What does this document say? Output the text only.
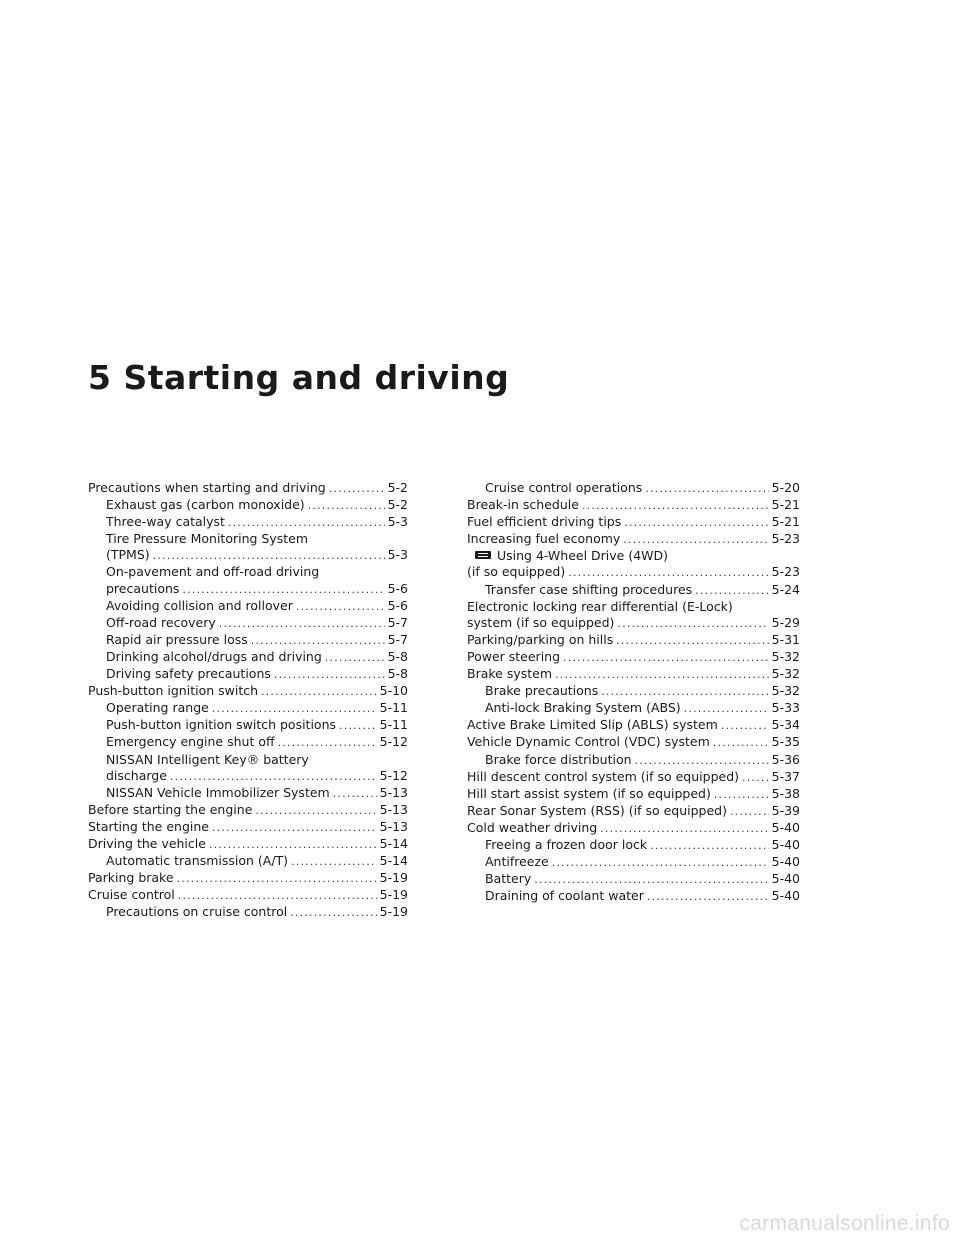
5 Starting and driving
Precautions when starting and driving .....	5-2
Exhaust gas (carbon monoxide) .....	5-2
Three-way catalyst .....	5-3
Tire Pressure Monitoring System
(TPMS) .....	5-3
On-pavement and off-road driving
precautions .....	5-6
Avoiding collision and rollover .....	5-6
Off-road recovery .....	5-7
Rapid air pressure loss .....	5-7
Drinking alcohol/drugs and driving .....	5-8
Driving safety precautions .....	5-8
Push-button ignition switch .....	5-10
Operating range .....	5-11
Push-button ignition switch positions .....	5-11
Emergency engine shut off .....	5-12
NISSAN Intelligent Key® battery
discharge .....	5-12
NISSAN Vehicle Immobilizer System .....	5-13
Before starting the engine .....	5-13
Starting the engine .....	5-13
Driving the vehicle .....	5-14
Automatic transmission (A/T) .....	5-14
Parking brake .....	5-19
Cruise control .....	5-19
Precautions on cruise control .....	5-19
Cruise control operations .....	5-20
Break-in schedule .....	5-21
Fuel efficient driving tips .....	5-21
Increasing fuel economy .....	5-23
Using 4-Wheel Drive (4WD)
(if so equipped) .....	5-23
Transfer case shifting procedures .....	5-24
Electronic locking rear differential (E-Lock)
system (if so equipped) .....	5-29
Parking/parking on hills .....	5-31
Power steering .....	5-32
Brake system .....	5-32
Brake precautions .....	5-32
Anti-lock Braking System (ABS) .....	5-33
Active Brake Limited Slip (ABLS) system .....	5-34
Vehicle Dynamic Control (VDC) system .....	5-35
Brake force distribution .....	5-36
Hill descent control system (if so equipped) .....	5-37
Hill start assist system (if so equipped) .....	5-38
Rear Sonar System (RSS) (if so equipped) .....	5-39
Cold weather driving .....	5-40
Freeing a frozen door lock .....	5-40
Antifreeze .....	5-40
Battery .....	5-40
Draining of coolant water .....	5-40
carmanualsonline.info
